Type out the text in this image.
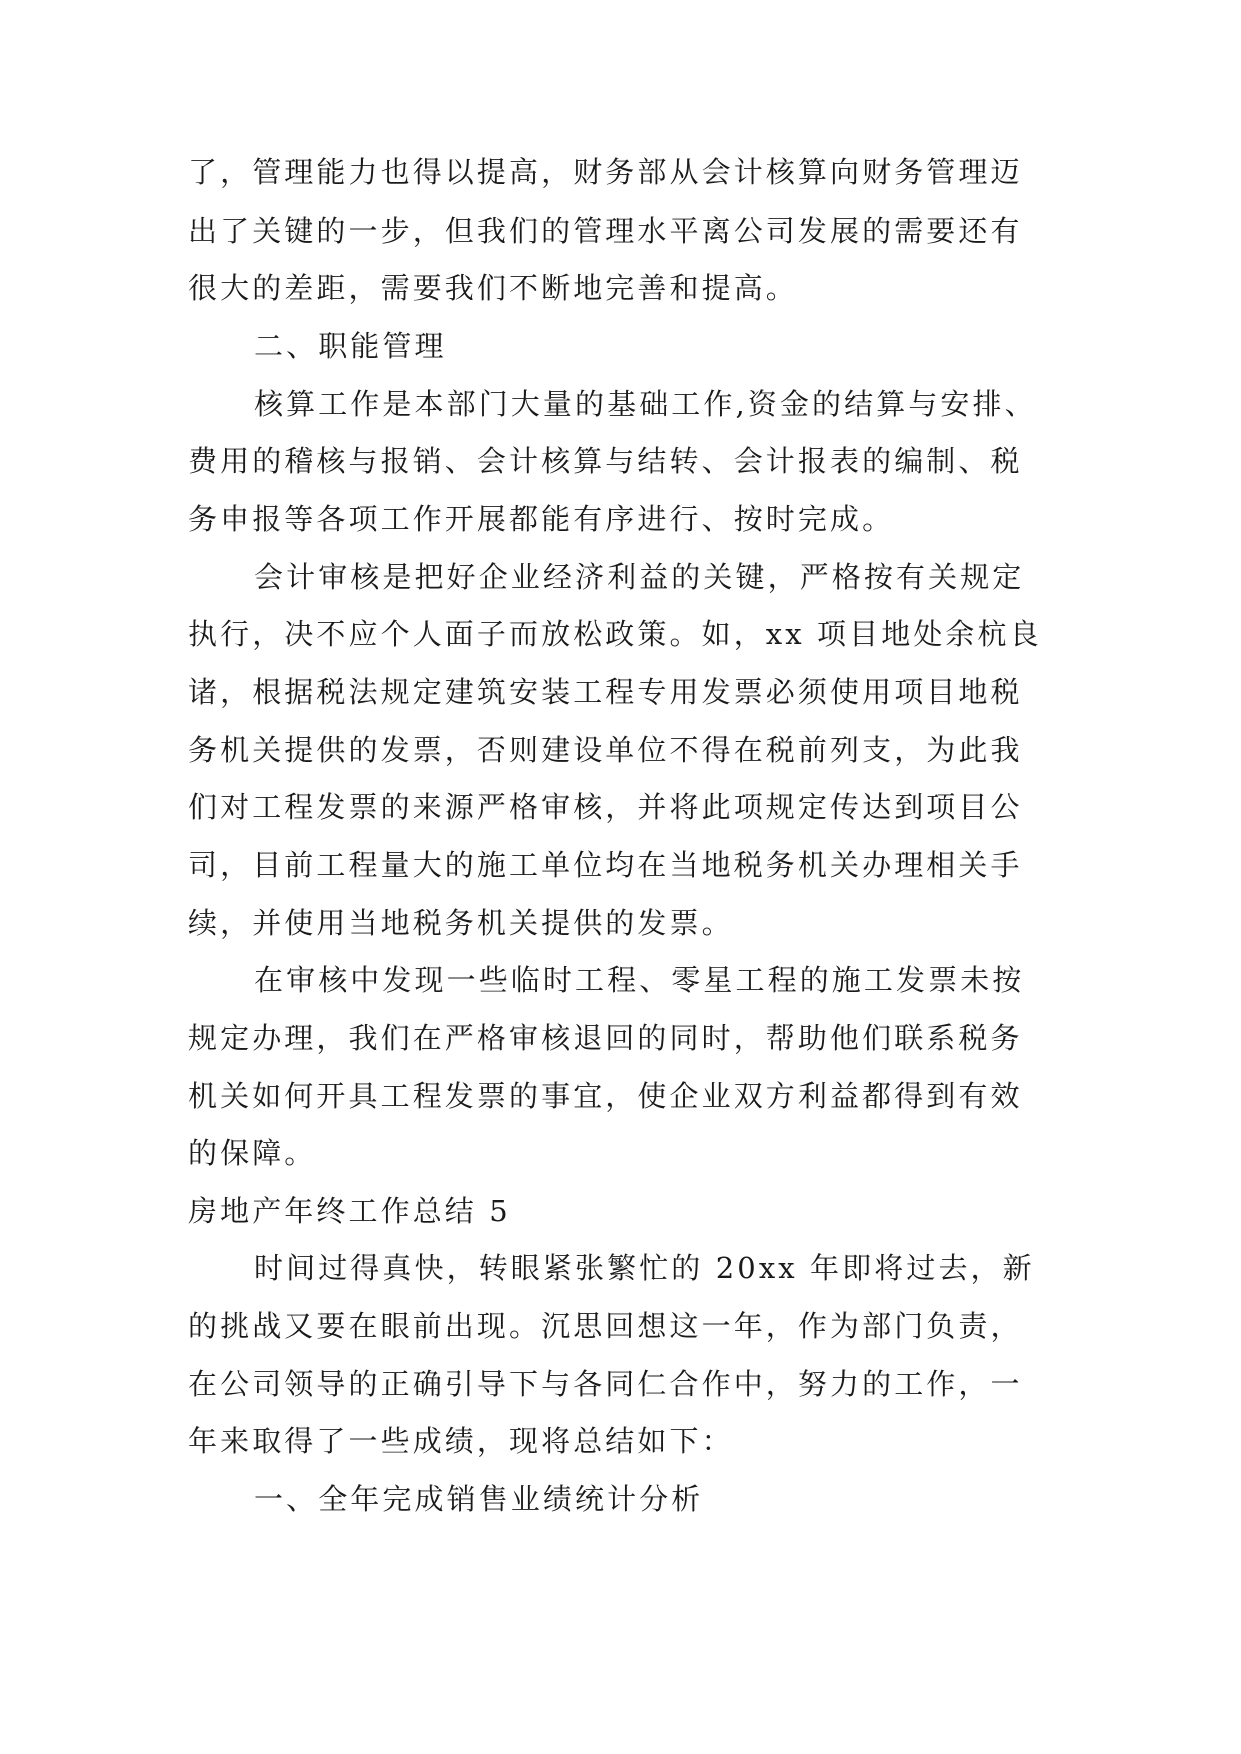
了，管理能力也得以提高，财务部从会计核算向财务管理迈
出了关键的一步，但我们的管理水平离公司发展的需要还有
很大的差距，需要我们不断地完善和提高。
二、职能管理
核算工作是本部门大量的基础工作,资金的结算与安排、
费用的稽核与报销、会计核算与结转、会计报表的编制、税
务申报等各项工作开展都能有序进行、按时完成。
会计审核是把好企业经济利益的关键，严格按有关规定
执行，决不应个人面子而放松政策。如，xx 项目地处余杭良
诸，根据税法规定建筑安装工程专用发票必须使用项目地税
务机关提供的发票，否则建设单位不得在税前列支，为此我
们对工程发票的来源严格审核，并将此项规定传达到项目公
司，目前工程量大的施工单位均在当地税务机关办理相关手
续，并使用当地税务机关提供的发票。
在审核中发现一些临时工程、零星工程的施工发票未按
规定办理，我们在严格审核退回的同时，帮助他们联系税务
机关如何开具工程发票的事宜，使企业双方利益都得到有效
的保障。
房地产年终工作总结 5
时间过得真快，转眼紧张繁忙的 20xx 年即将过去，新
的挑战又要在眼前出现。沉思回想这一年，作为部门负责，
在公司领导的正确引导下与各同仁合作中，努力的工作，一
年来取得了一些成绩，现将总结如下：
一、全年完成销售业绩统计分析
